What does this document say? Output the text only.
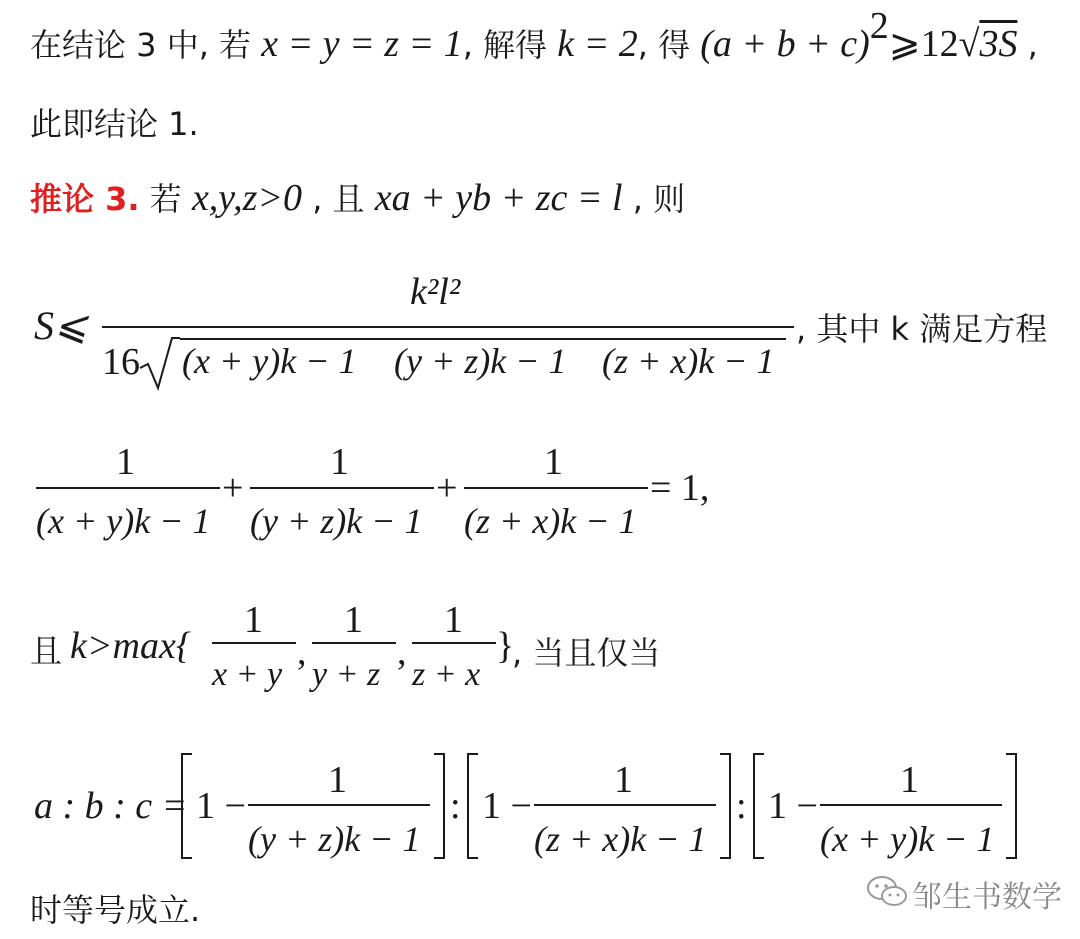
在结论 3 中, 若 x = y = z = 1, 解得 k = 2, 得 $(a + b + c)^2⩾12√3S$ ,
此即结论 1.
推论 3. 若 x,y,z>0 , 且 xa + yb + zc = l , 则
S⩽
k²l²
16 (x + y)k − 1 (y + z)k − 1 (z + x)k − 1
, 其中 k 满足方程
1
(x + y)k − 1
+
1
(y + z)k − 1
+
1
(z + x)k − 1
= 1,
且 k>max{
1
x + y
,
1
y + z
,
1
z + x
}
, 当且仅当
a : b : c = 1 −
1
(y + z)k − 1
: 1 −
1
(z + x)k − 1
: 1 −
1
(x + y)k − 1
时等号成立.	邹生书数学
